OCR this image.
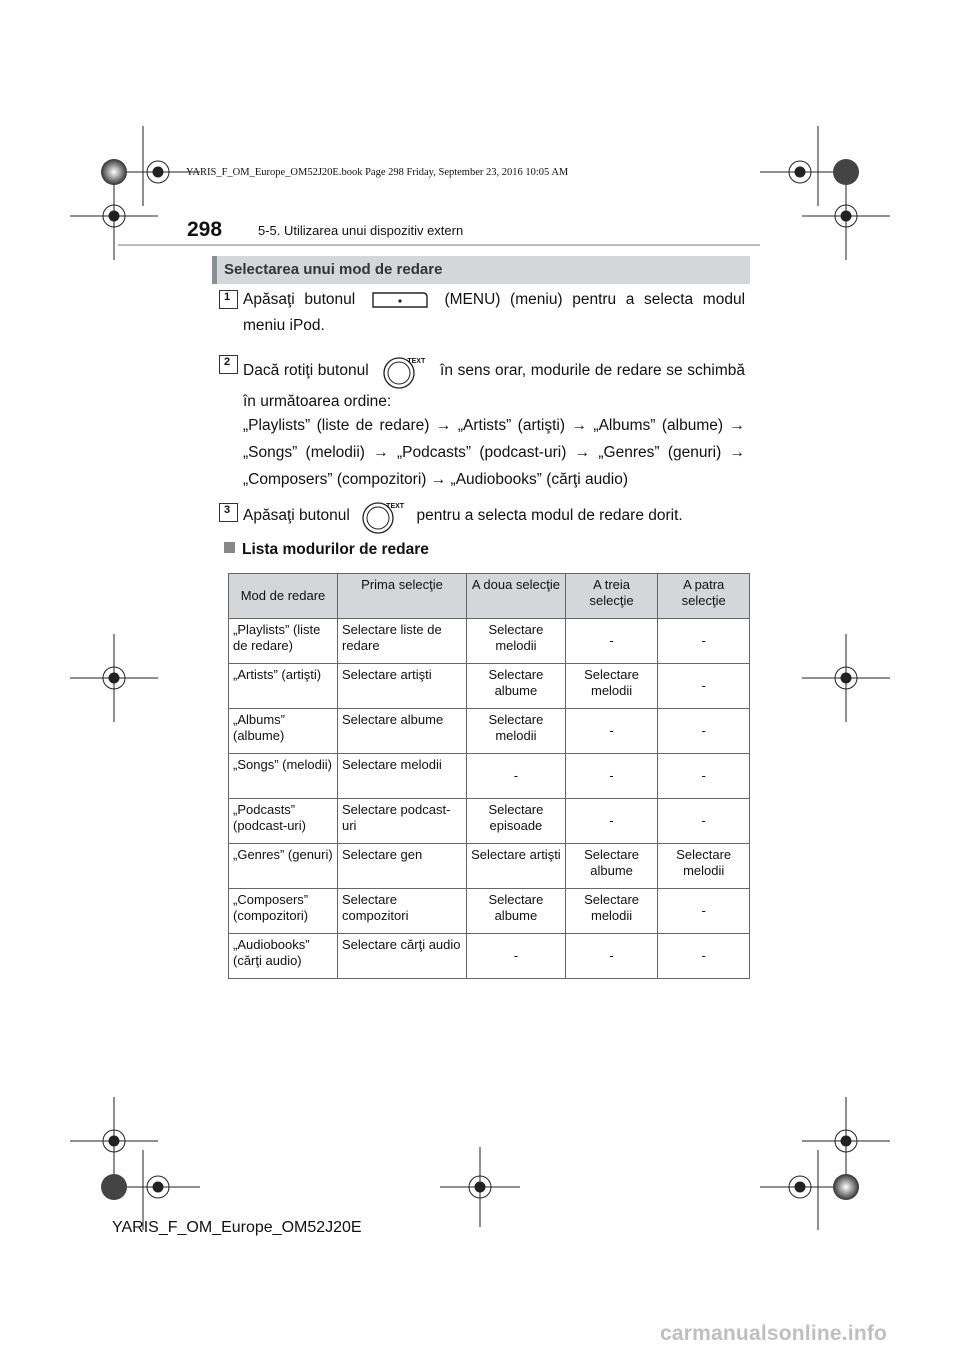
YARIS_F_OM_Europe_OM52J20E.book Page 298 Friday, September 23, 2016 10:05 AM
298	5-5. Utilizarea unui dispozitiv extern
Selectarea unui mod de redare
1 Apăsaţi butonul	(MENU) (meniu) pentru a selecta modul meniu iPod.
2
Dacă rotiţi butonul
TEXT
în sens orar, modurile de redare se schimbă în următoarea ordine:
„Playlists” (liste de redare) → „Artists” (artişti) → „Albums” (albume) → „Songs” (melodii) → „Podcasts” (podcast-uri) → „Genres” (genuri) → „Composers” (compozitori) → „Audiobooks” (cărţi audio)
3 Apăsaţi butonul
TEXT
pentru a selecta modul de redare dorit.
Lista modurilor de redare
Mod de redare	Prima selecţie	A doua selecţie	A treia selecţie	A patra selecţie
„Playlists” (liste de redare)	Selectare liste de redare	Selectare melodii	-	-
„Artists” (artişti)	Selectare artişti	Selectare albume	Selectare melodii	-
„Albums” (albume)	Selectare albume	Selectare melodii	-	-
„Songs” (melodii)	Selectare melodii	-	-	-
„Podcasts” (podcast-uri)	Selectare podcast-uri	Selectare episoade	-	-
„Genres” (genuri)	Selectare gen	Selectare artişti	Selectare albume	Selectare melodii
„Composers” (compozitori)	Selectare compozitori	Selectare albume	Selectare melodii	-
„Audiobooks” (cărţi audio)	Selectare cărţi audio	-	-	-
YARIS_F_OM_Europe_OM52J20E
carmanualsonline.info
